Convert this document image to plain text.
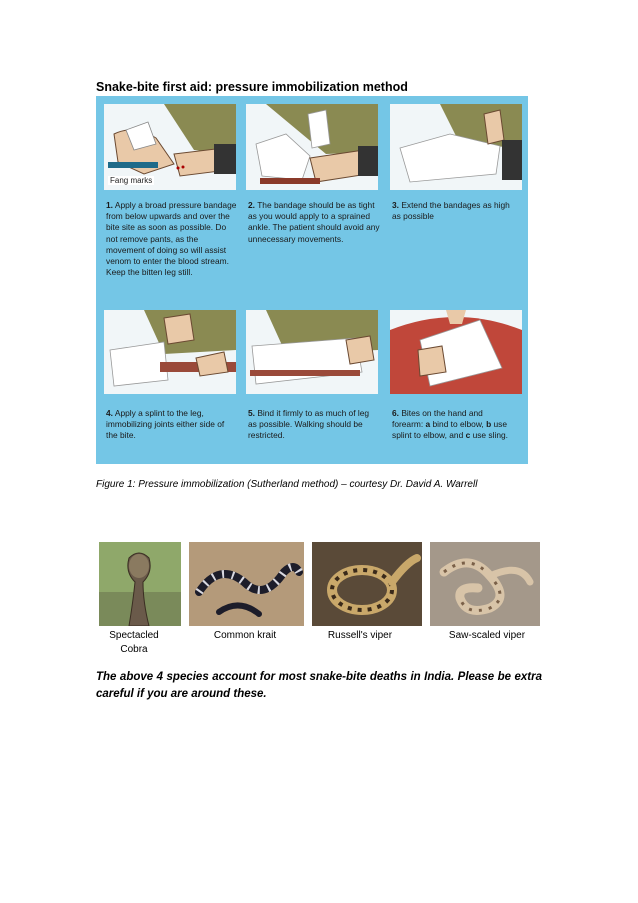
Snake-bite first aid: pressure immobilization method
Fang marks
1. Apply a broad pressure bandage from below upwards and over the bite site as soon as possible. Do not remove pants, as the movement of doing so will assist venom to enter the blood stream. Keep the bitten leg still.
2. The bandage should be as tight as you would apply to a sprained ankle. The patient should avoid any unnecessary movements.
3. Extend the bandages as high as possible
4. Apply a splint to the leg, immobilizing joints either side of the bite.
5. Bind it firmly to as much of leg as possible. Walking should be restricted.
6. Bites on the hand and forearm: a bind to elbow, b use splint to elbow, and c use sling.
Figure 1: Pressure immobilization (Sutherland method) – courtesy Dr. David A. Warrell
Spectacled Cobra
Common krait	Russell's viper	Saw-scaled viper
The above 4 species account for most snake-bite deaths in India. Please be extra careful if you are around these.
